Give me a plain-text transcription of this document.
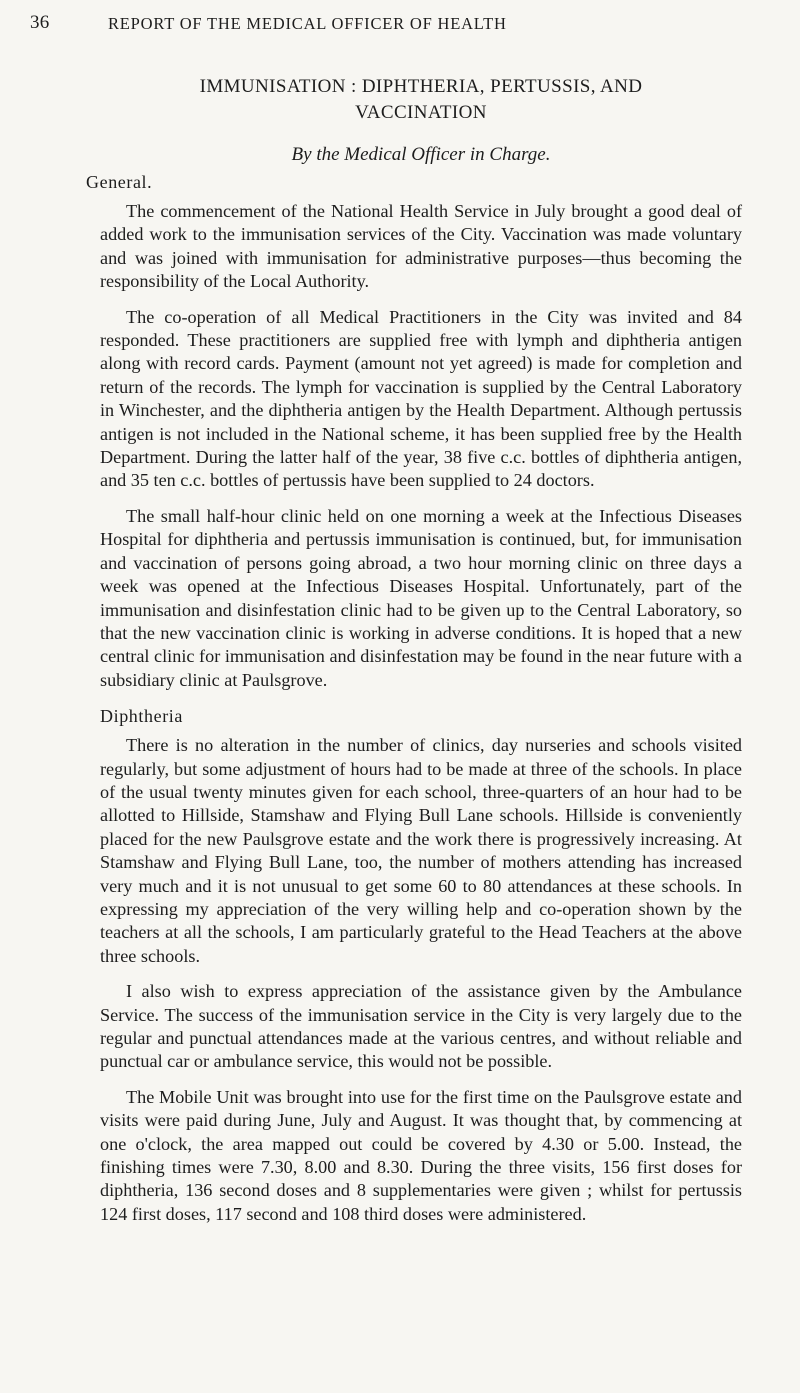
36	REPORT OF THE MEDICAL OFFICER OF HEALTH
IMMUNISATION : DIPHTHERIA, PERTUSSIS, AND
VACCINATION
By the Medical Officer in Charge.
General.

The commencement of the National Health Service in July brought a good deal of added work to the immunisation services of the City. Vaccination was made voluntary and was joined with immunisation for administrative purposes—thus becoming the responsibility of the Local Authority.

The co-operation of all Medical Practitioners in the City was invited and 84 responded. These practitioners are supplied free with lymph and diphtheria antigen along with record cards. Payment (amount not yet agreed) is made for completion and return of the records. The lymph for vaccination is supplied by the Central Laboratory in Winchester, and the diphtheria antigen by the Health Department. Although pertussis antigen is not included in the National scheme, it has been supplied free by the Health Department. During the latter half of the year, 38 five c.c. bottles of diphtheria antigen, and 35 ten c.c. bottles of pertussis have been supplied to 24 doctors.

The small half-hour clinic held on one morning a week at the Infectious Diseases Hospital for diphtheria and pertussis immunisation is continued, but, for immunisation and vaccination of persons going abroad, a two hour morning clinic on three days a week was opened at the Infectious Diseases Hospital. Unfortunately, part of the immunisation and disinfestation clinic had to be given up to the Central Laboratory, so that the new vaccination clinic is working in adverse conditions. It is hoped that a new central clinic for immunisation and disinfestation may be found in the near future with a subsidiary clinic at Paulsgrove.

Diphtheria

There is no alteration in the number of clinics, day nurseries and schools visited regularly, but some adjustment of hours had to be made at three of the schools. In place of the usual twenty minutes given for each school, three-quarters of an hour had to be allotted to Hillside, Stamshaw and Flying Bull Lane schools. Hillside is conveniently placed for the new Paulsgrove estate and the work there is progressively increasing. At Stamshaw and Flying Bull Lane, too, the number of mothers attending has increased very much and it is not unusual to get some 60 to 80 attendances at these schools. In expressing my appreciation of the very willing help and co-operation shown by the teachers at all the schools, I am particularly grateful to the Head Teachers at the above three schools.

I also wish to express appreciation of the assistance given by the Ambulance Service. The success of the immunisation service in the City is very largely due to the regular and punctual attendances made at the various centres, and without reliable and punctual car or ambulance service, this would not be possible.

The Mobile Unit was brought into use for the first time on the Paulsgrove estate and visits were paid during June, July and August. It was thought that, by commencing at one o'clock, the area mapped out could be covered by 4.30 or 5.00. Instead, the finishing times were 7.30, 8.00 and 8.30. During the three visits, 156 first doses for diphtheria, 136 second doses and 8 supplementaries were given ; whilst for pertussis 124 first doses, 117 second and 108 third doses were administered.
